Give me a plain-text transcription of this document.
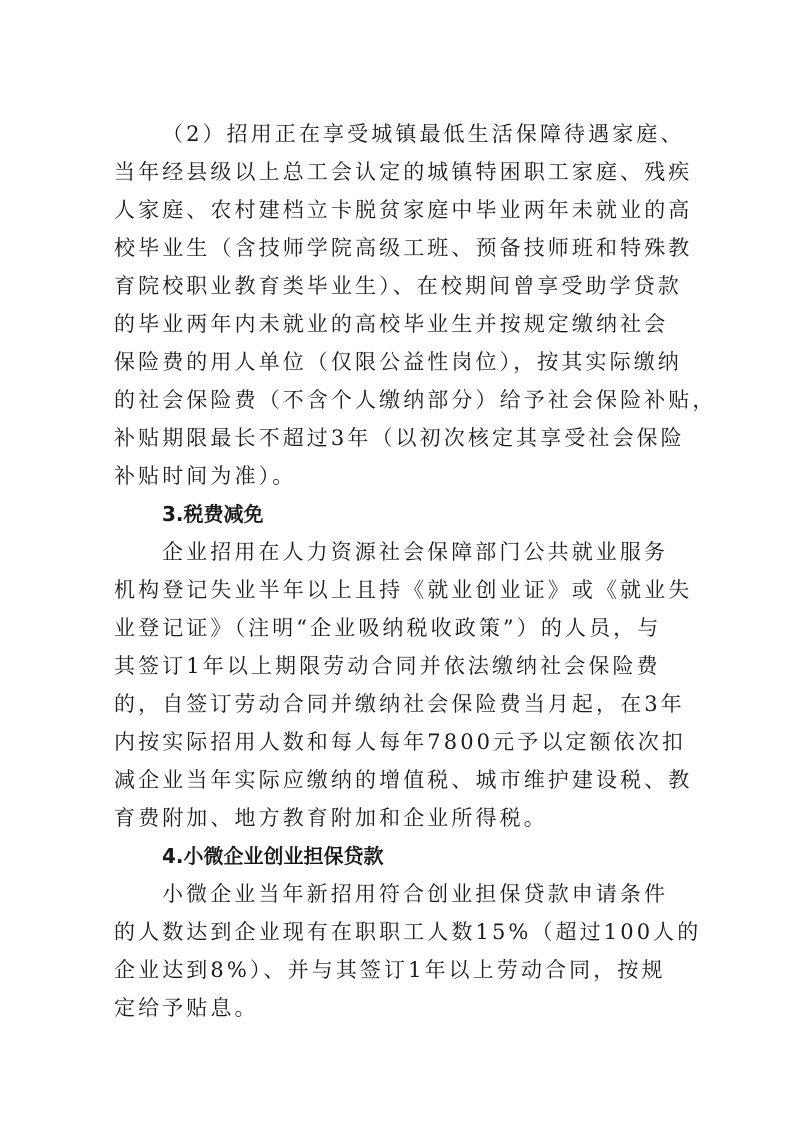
（2）招用正在享受城镇最低生活保障待遇家庭、
当年经县级以上总工会认定的城镇特困职工家庭、残疾
人家庭、农村建档立卡脱贫家庭中毕业两年未就业的高
校毕业生（含技师学院高级工班、预备技师班和特殊教
育院校职业教育类毕业生）、在校期间曾享受助学贷款
的毕业两年内未就业的高校毕业生并按规定缴纳社会
保险费的用人单位（仅限公益性岗位），按其实际缴纳
的社会保险费（不含个人缴纳部分）给予社会保险补贴，
补贴期限最长不超过3年（以初次核定其享受社会保险
补贴时间为准）。
3.税费减免
企业招用在人力资源社会保障部门公共就业服务
机构登记失业半年以上且持《就业创业证》或《就业失
业登记证》（注明“企业吸纳税收政策”）的人员，与
其签订1年以上期限劳动合同并依法缴纳社会保险费
的，自签订劳动合同并缴纳社会保险费当月起，在3年
内按实际招用人数和每人每年7800元予以定额依次扣
减企业当年实际应缴纳的增值税、城市维护建设税、教
育费附加、地方教育附加和企业所得税。
4.小微企业创业担保贷款
小微企业当年新招用符合创业担保贷款申请条件
的人数达到企业现有在职职工人数15%（超过100人的
企业达到8%）、并与其签订1年以上劳动合同，按规
定给予贴息。
